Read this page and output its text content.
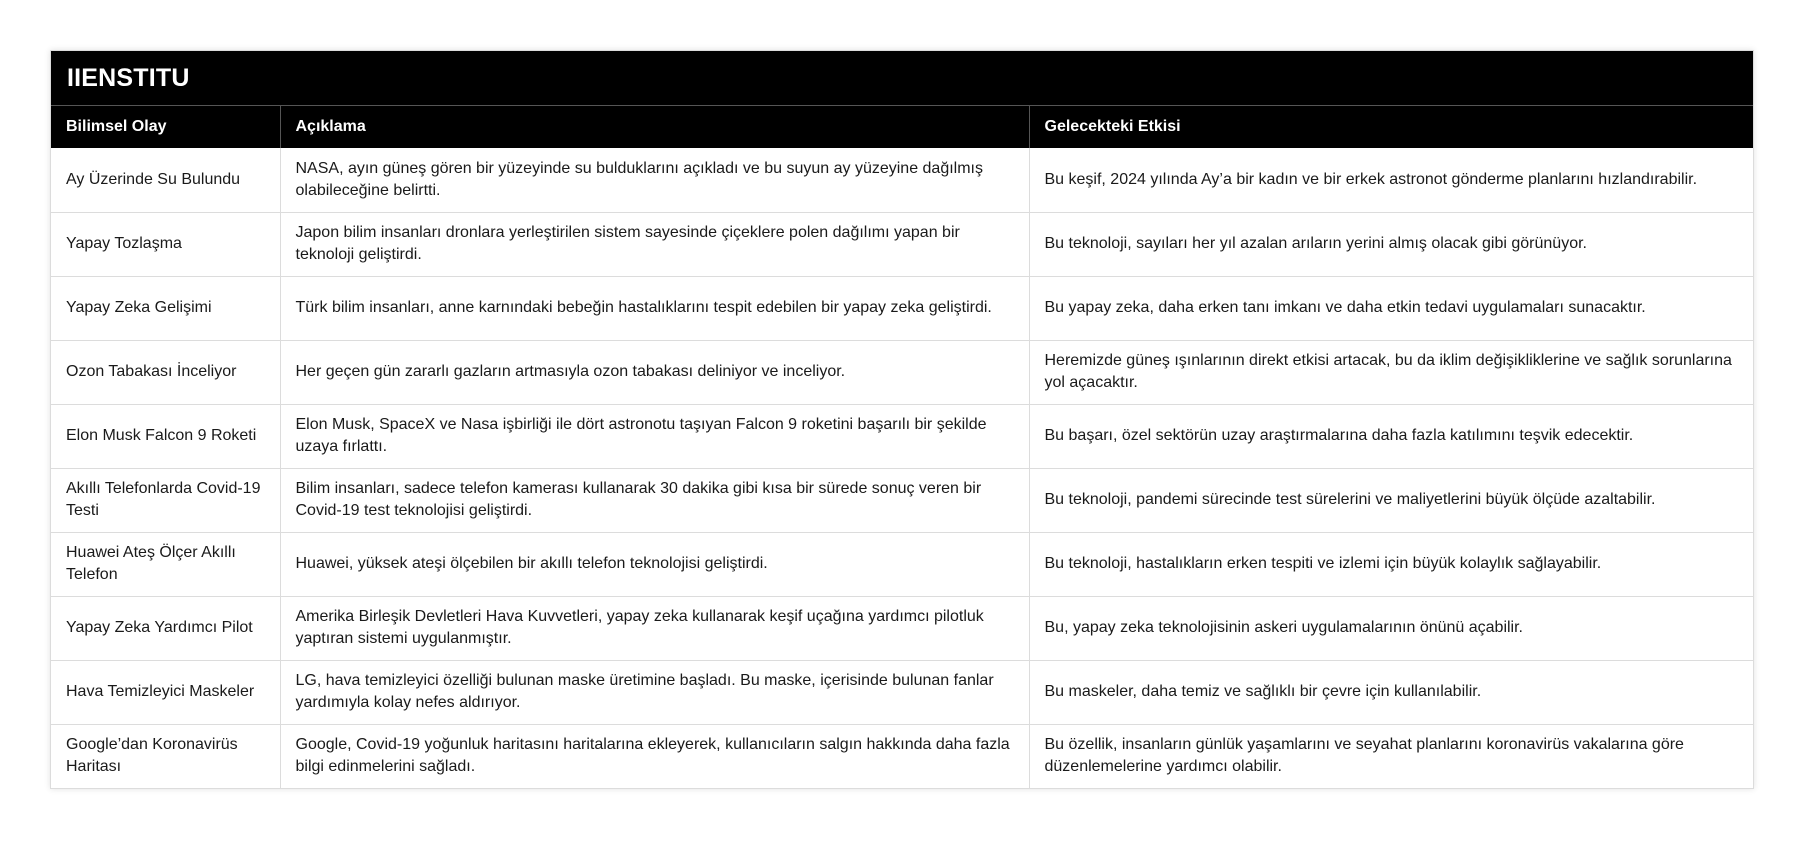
IIENSTITU
Bilimsel Olay	Açıklama	Gelecekteki Etkisi
Ay Üzerinde Su Bulundu	NASA, ayın güneş gören bir yüzeyinde su bulduklarını açıkladı ve bu suyun ay yüzeyine dağılmış olabileceğine belirtti.	Bu keşif, 2024 yılında Ay’a bir kadın ve bir erkek astronot gönderme planlarını hızlandırabilir.
Yapay Tozlaşma	Japon bilim insanları dronlara yerleştirilen sistem sayesinde çiçeklere polen dağılımı yapan bir teknoloji geliştirdi.	Bu teknoloji, sayıları her yıl azalan arıların yerini almış olacak gibi görünüyor.
Yapay Zeka Gelişimi	Türk bilim insanları, anne karnındaki bebeğin hastalıklarını tespit edebilen bir yapay zeka geliştirdi.	Bu yapay zeka, daha erken tanı imkanı ve daha etkin tedavi uygulamaları sunacaktır.
Ozon Tabakası İnceliyor	Her geçen gün zararlı gazların artmasıyla ozon tabakası deliniyor ve inceliyor.	Heremizde güneş ışınlarının direkt etkisi artacak, bu da iklim değişikliklerine ve sağlık sorunlarına yol açacaktır.
Elon Musk Falcon 9 Roketi	Elon Musk, SpaceX ve Nasa işbirliği ile dört astronotu taşıyan Falcon 9 roketini başarılı bir şekilde uzaya fırlattı.	Bu başarı, özel sektörün uzay araştırmalarına daha fazla katılımını teşvik edecektir.
Akıllı Telefonlarda Covid-19 Testi	Bilim insanları, sadece telefon kamerası kullanarak 30 dakika gibi kısa bir sürede sonuç veren bir Covid-19 test teknolojisi geliştirdi.	Bu teknoloji, pandemi sürecinde test sürelerini ve maliyetlerini büyük ölçüde azaltabilir.
Huawei Ateş Ölçer Akıllı Telefon	Huawei, yüksek ateşi ölçebilen bir akıllı telefon teknolojisi geliştirdi.	Bu teknoloji, hastalıkların erken tespiti ve izlemi için büyük kolaylık sağlayabilir.
Yapay Zeka Yardımcı Pilot	Amerika Birleşik Devletleri Hava Kuvvetleri, yapay zeka kullanarak keşif uçağına yardımcı pilotluk yaptıran sistemi uygulanmıştır.	Bu, yapay zeka teknolojisinin askeri uygulamalarının önünü açabilir.
Hava Temizleyici Maskeler	LG, hava temizleyici özelliği bulunan maske üretimine başladı. Bu maske, içerisinde bulunan fanlar yardımıyla kolay nefes aldırıyor.	Bu maskeler, daha temiz ve sağlıklı bir çevre için kullanılabilir.
Google’dan Koronavirüs Haritası	Google, Covid-19 yoğunluk haritasını haritalarına ekleyerek, kullanıcıların salgın hakkında daha fazla bilgi edinmelerini sağladı.	Bu özellik, insanların günlük yaşamlarını ve seyahat planlarını koronavirüs vakalarına göre düzenlemelerine yardımcı olabilir.
